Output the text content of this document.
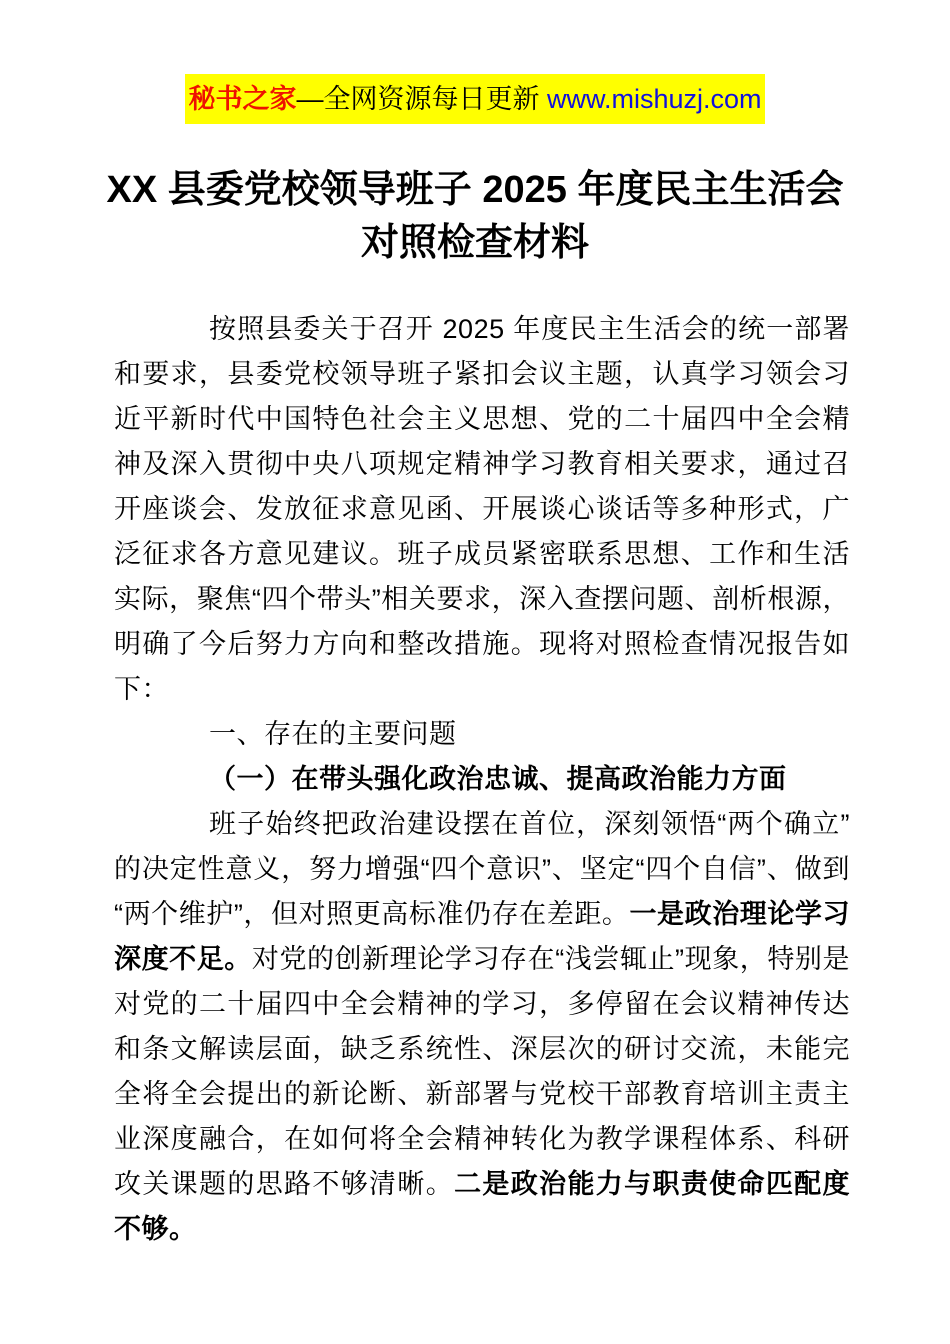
秘书之家—全网资源每日更新 www.mishuzj.com
XX 县委党校领导班子 2025 年度民主生活会
对照检查材料

按照县委关于召开 2025 年度民主生活会的统一部署和要求，县委党校领导班子紧扣会议主题，认真学习领会习近平新时代中国特色社会主义思想、党的二十届四中全会精神及深入贯彻中央八项规定精神学习教育相关要求，通过召开座谈会、发放征求意见函、开展谈心谈话等多种形式，广泛征求各方意见建议。班子成员紧密联系思想、工作和生活实际，聚焦“四个带头”相关要求，深入查摆问题、剖析根源，明确了今后努力方向和整改措施。现将对照检查情况报告如下：

一、存在的主要问题

（一）在带头强化政治忠诚、提高政治能力方面

班子始终把政治建设摆在首位，深刻领悟“两个确立”的决定性意义，努力增强“四个意识”、坚定“四个自信”、做到“两个维护”，但对照更高标准仍存在差距。一是政治理论学习深度不足。对党的创新理论学习存在“浅尝辄止”现象，特别是对党的二十届四中全会精神的学习，多停留在会议精神传达和条文解读层面，缺乏系统性、深层次的研讨交流，未能完全将全会提出的新论断、新部署与党校干部教育培训主责主业深度融合，在如何将全会精神转化为教学课程体系、科研攻关课题的思路不够清晰。二是政治能力与职责使命匹配度不够。
